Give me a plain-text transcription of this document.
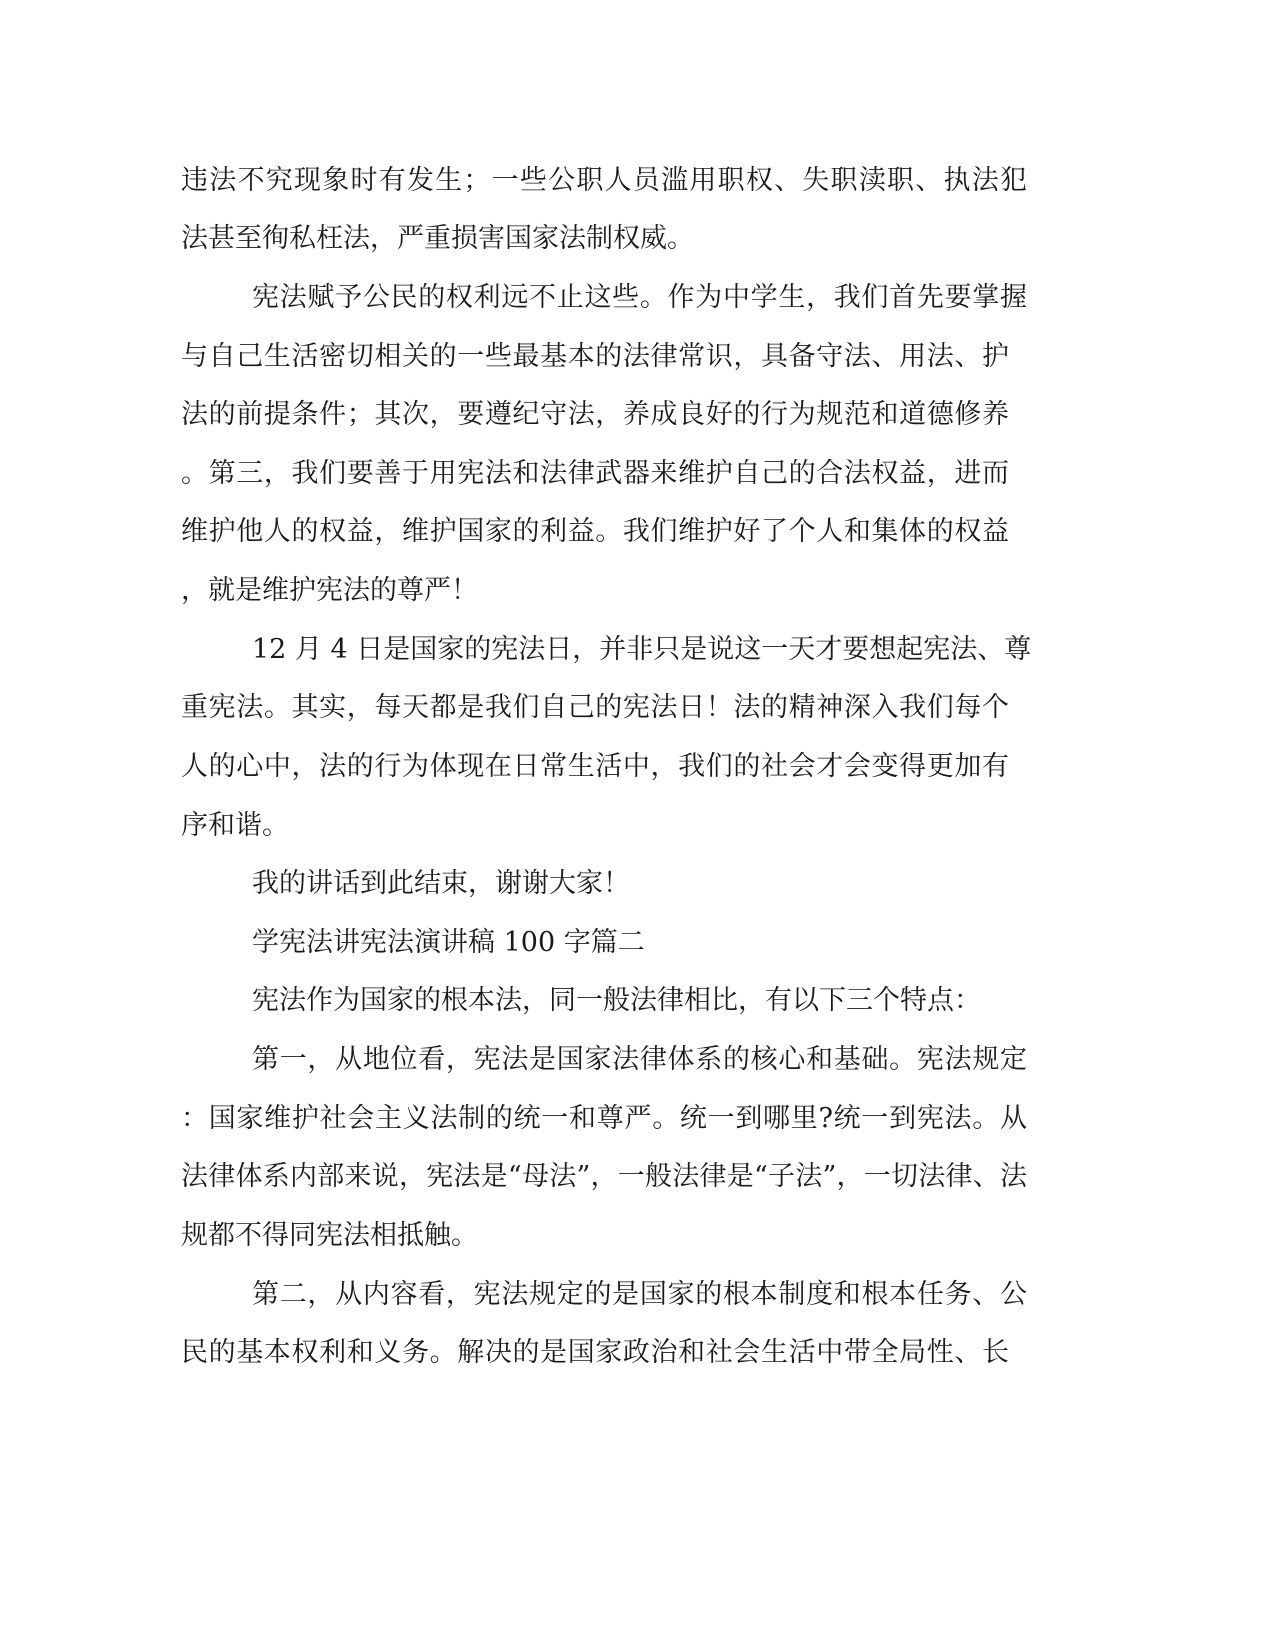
违法不究现象时有发生；一些公职人员滥用职权、失职渎职、执法犯

法甚至徇私枉法，严重损害国家法制权威。

宪法赋予公民的权利远不止这些。作为中学生，我们首先要掌握

与自己生活密切相关的一些最基本的法律常识，具备守法、用法、护

法的前提条件；其次，要遵纪守法，养成良好的行为规范和道德修养

。第三，我们要善于用宪法和法律武器来维护自己的合法权益，进而

维护他人的权益，维护国家的利益。我们维护好了个人和集体的权益

，就是维护宪法的尊严！

12 月 4 日是国家的宪法日，并非只是说这一天才要想起宪法、尊

重宪法。其实，每天都是我们自己的宪法日！法的精神深入我们每个

人的心中，法的行为体现在日常生活中，我们的社会才会变得更加有

序和谐。

我的讲话到此结束，谢谢大家！

学宪法讲宪法演讲稿 100 字篇二

宪法作为国家的根本法，同一般法律相比，有以下三个特点：

第一，从地位看，宪法是国家法律体系的核心和基础。宪法规定

：国家维护社会主义法制的统一和尊严。统一到哪里?统一到宪法。从

法律体系内部来说，宪法是“母法”，一般法律是“子法”，一切法律、法

规都不得同宪法相抵触。

第二，从内容看，宪法规定的是国家的根本制度和根本任务、公

民的基本权利和义务。解决的是国家政治和社会生活中带全局性、长
